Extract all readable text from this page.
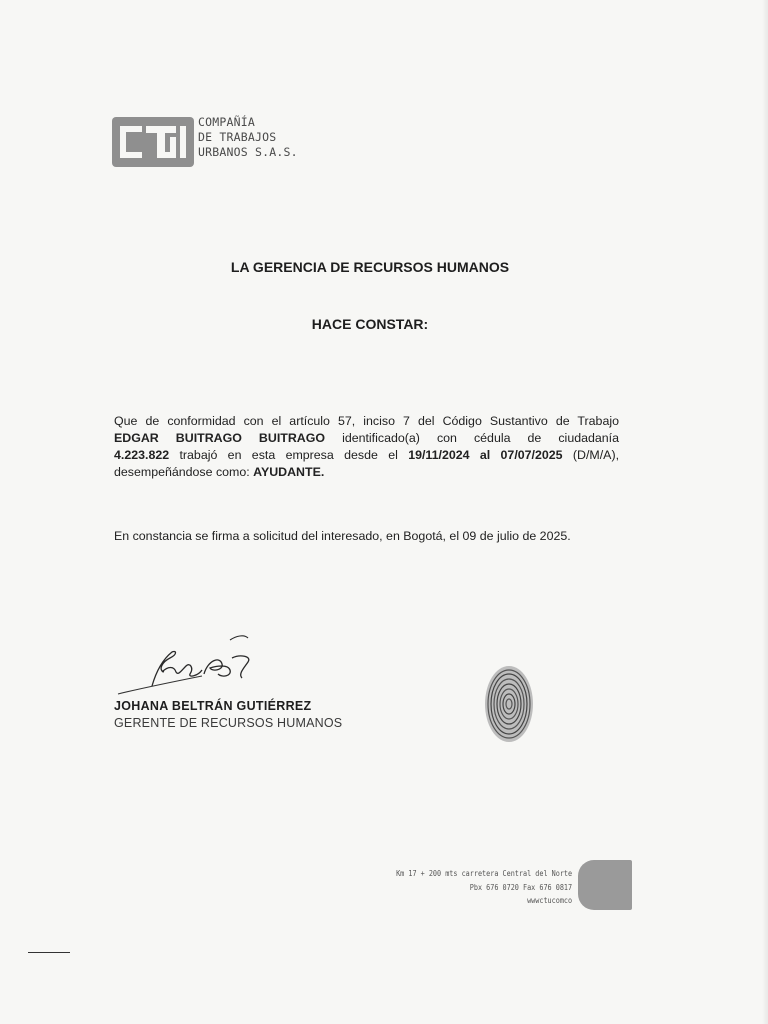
COMPAÑÍA
DE TRABAJOS
URBANOS S.A.S.
LA GERENCIA DE RECURSOS HUMANOS
HACE CONSTAR:
Que de conformidad con el artículo 57, inciso 7 del Código Sustantivo de Trabajo
EDGAR BUITRAGO BUITRAGO identificado(a) con cédula de ciudadanía
4.223.822 trabajó en esta empresa desde el 19/11/2024 al 07/07/2025 (D/M/A),
desempeñándose como: AYUDANTE.
En constancia se firma a solicitud del interesado, en Bogotá, el 09 de julio de 2025.
JOHANA BELTRÁN GUTIÉRREZ
GERENTE DE RECURSOS HUMANOS
Km 17 + 200 mts carretera Central del Norte
Pbx 676 0720 Fax 676 0817
wwwctucomco
